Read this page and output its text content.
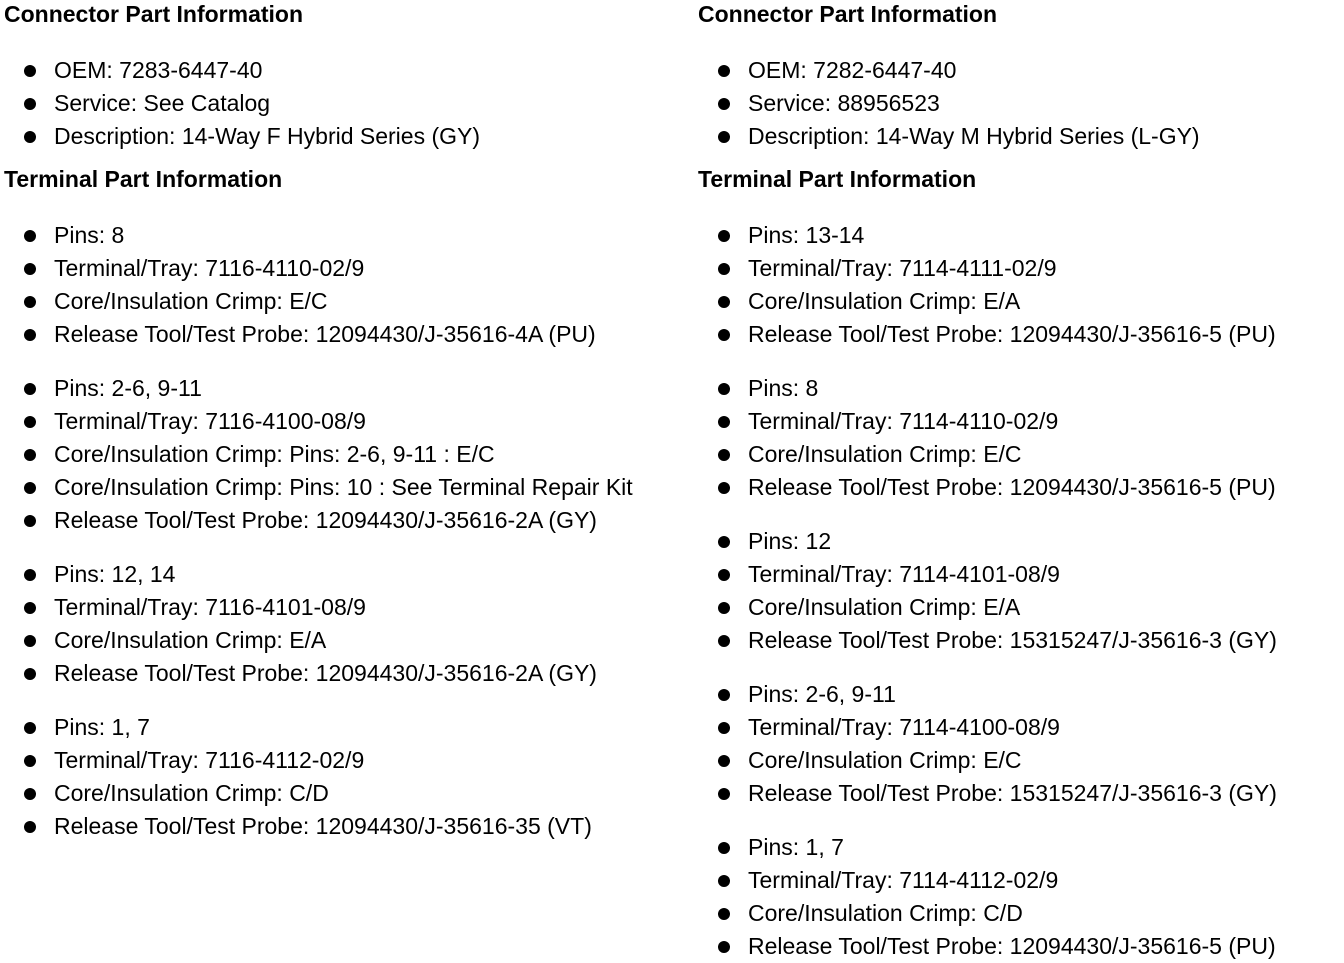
Connector Part Information
OEM: 7283-6447-40
Service: See Catalog
Description: 14-Way F Hybrid Series (GY)
Terminal Part Information
Pins: 8
Terminal/Tray: 7116-4110-02/9
Core/Insulation Crimp: E/C
Release Tool/Test Probe: 12094430/J-35616-4A (PU)
Pins: 2-6, 9-11
Terminal/Tray: 7116-4100-08/9
Core/Insulation Crimp: Pins: 2-6, 9-11 : E/C
Core/Insulation Crimp: Pins: 10 : See Terminal Repair Kit
Release Tool/Test Probe: 12094430/J-35616-2A (GY)
Pins: 12, 14
Terminal/Tray: 7116-4101-08/9
Core/Insulation Crimp: E/A
Release Tool/Test Probe: 12094430/J-35616-2A (GY)
Pins: 1, 7
Terminal/Tray: 7116-4112-02/9
Core/Insulation Crimp: C/D
Release Tool/Test Probe: 12094430/J-35616-35 (VT)
Connector Part Information
OEM: 7282-6447-40
Service: 88956523
Description: 14-Way M Hybrid Series (L-GY)
Terminal Part Information
Pins: 13-14
Terminal/Tray: 7114-4111-02/9
Core/Insulation Crimp: E/A
Release Tool/Test Probe: 12094430/J-35616-5 (PU)
Pins: 8
Terminal/Tray: 7114-4110-02/9
Core/Insulation Crimp: E/C
Release Tool/Test Probe: 12094430/J-35616-5 (PU)
Pins: 12
Terminal/Tray: 7114-4101-08/9
Core/Insulation Crimp: E/A
Release Tool/Test Probe: 15315247/J-35616-3 (GY)
Pins: 2-6, 9-11
Terminal/Tray: 7114-4100-08/9
Core/Insulation Crimp: E/C
Release Tool/Test Probe: 15315247/J-35616-3 (GY)
Pins: 1, 7
Terminal/Tray: 7114-4112-02/9
Core/Insulation Crimp: C/D
Release Tool/Test Probe: 12094430/J-35616-5 (PU)
